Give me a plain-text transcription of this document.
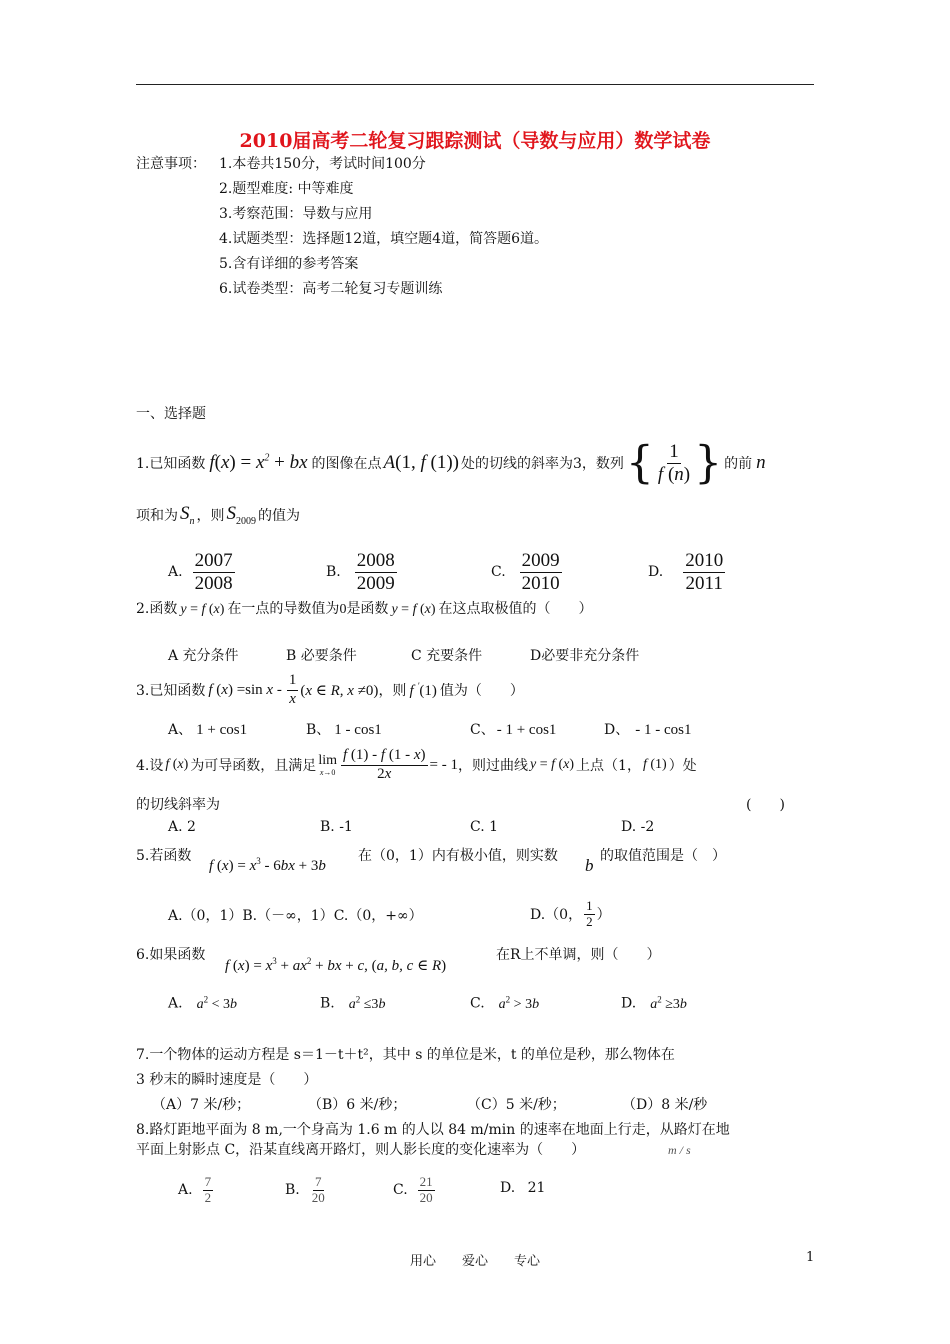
2010届高考二轮复习跟踪测试（导数与应用）数学试卷
注意事项： 1.本卷共150分，考试时间100分
2.题型难度: 中等难度
3.考察范围：导数与应用
4.试题类型：选择题12道，填空题4道，简答题6道。
5.含有详细的参考答案
6.试卷类型：高考二轮复习专题训练
一、选择题
1.已知函数 $f(x) = x^2$ + bx 的图像在点 A(1, f (1)) 处的切线的斜率为3，数列 { $\frac{1}{f (n)}$ } 的前 n
项和为 $S_n$ ，则 $S_{2009}$ 的值为
A. $\frac{2007}{2008}$	B. $\frac{2008}{2009}$	C. $\frac{2009}{2010}$	D. $\frac{2010}{2011}$
2.函数 y = f (x) 在一点的导数值为0是函数 y = f (x) 在这点取极值的（　　）
A 充分条件	B 必要条件	C 充要条件	D必要非充分条件
3.已知函数 f (x) =sin x - $\frac{1}{x} (x$ ∈ R, x ≠0) ，则 f ′(1) 值为（　　）
A、 1 + cos1	B、 1 - cos1	C、 - 1 + cos1	D、 - 1 - cos1
4.设 f (x) 为可导函数，且满足 lim
$x\to 0 \frac{f (1) - f (1 - x)}{2x}$ = - 1 ，则过曲线 y = f (x) 上点（1， f (1) ）处
的切线斜率为	(　　)
A. 2	B. -1	C. 1	D. -2
5.若函数
f $(x) = x^3 - 6bx + 3b$
在（0，1）内有极小值，则实数 b 的取值范围是（　）
A.（0，1）B.（－∞，1）C.（0，+∞）	D.（0， $\frac{1}{2}$ ）
6.如果函数
f $(x) = x^3 + ax^2$ + bx + c, (a, b, c ∈ R)
在R上不单调，则（　　）
A. $a^2 < 3b$	B. $a^2 \le 3b$	C. $a^2 > 3b$	D. $a^2 \ge 3b$
7.一个物体的运动方程是 s＝1－t＋t²，其中 s 的单位是米，t 的单位是秒，那么物体在
3 秒末的瞬时速度是（　　）
（A）7 米/秒；	（B）6 米/秒；	（C）5 米/秒；	（D）8 米/秒
8.路灯距地平面为 8 m,一个身高为 1.6 m 的人以 84 m/min 的速率在地面上行走，从路灯在地
平面上射影点 C，沿某直线离开路灯，则人影长度的变化速率为（　　）	m / s
A. $\frac{7}{2}$	B. $\frac{7}{20}$	C. $\frac{21}{20}$	D. 21
用心　　爱心　　专心	1
